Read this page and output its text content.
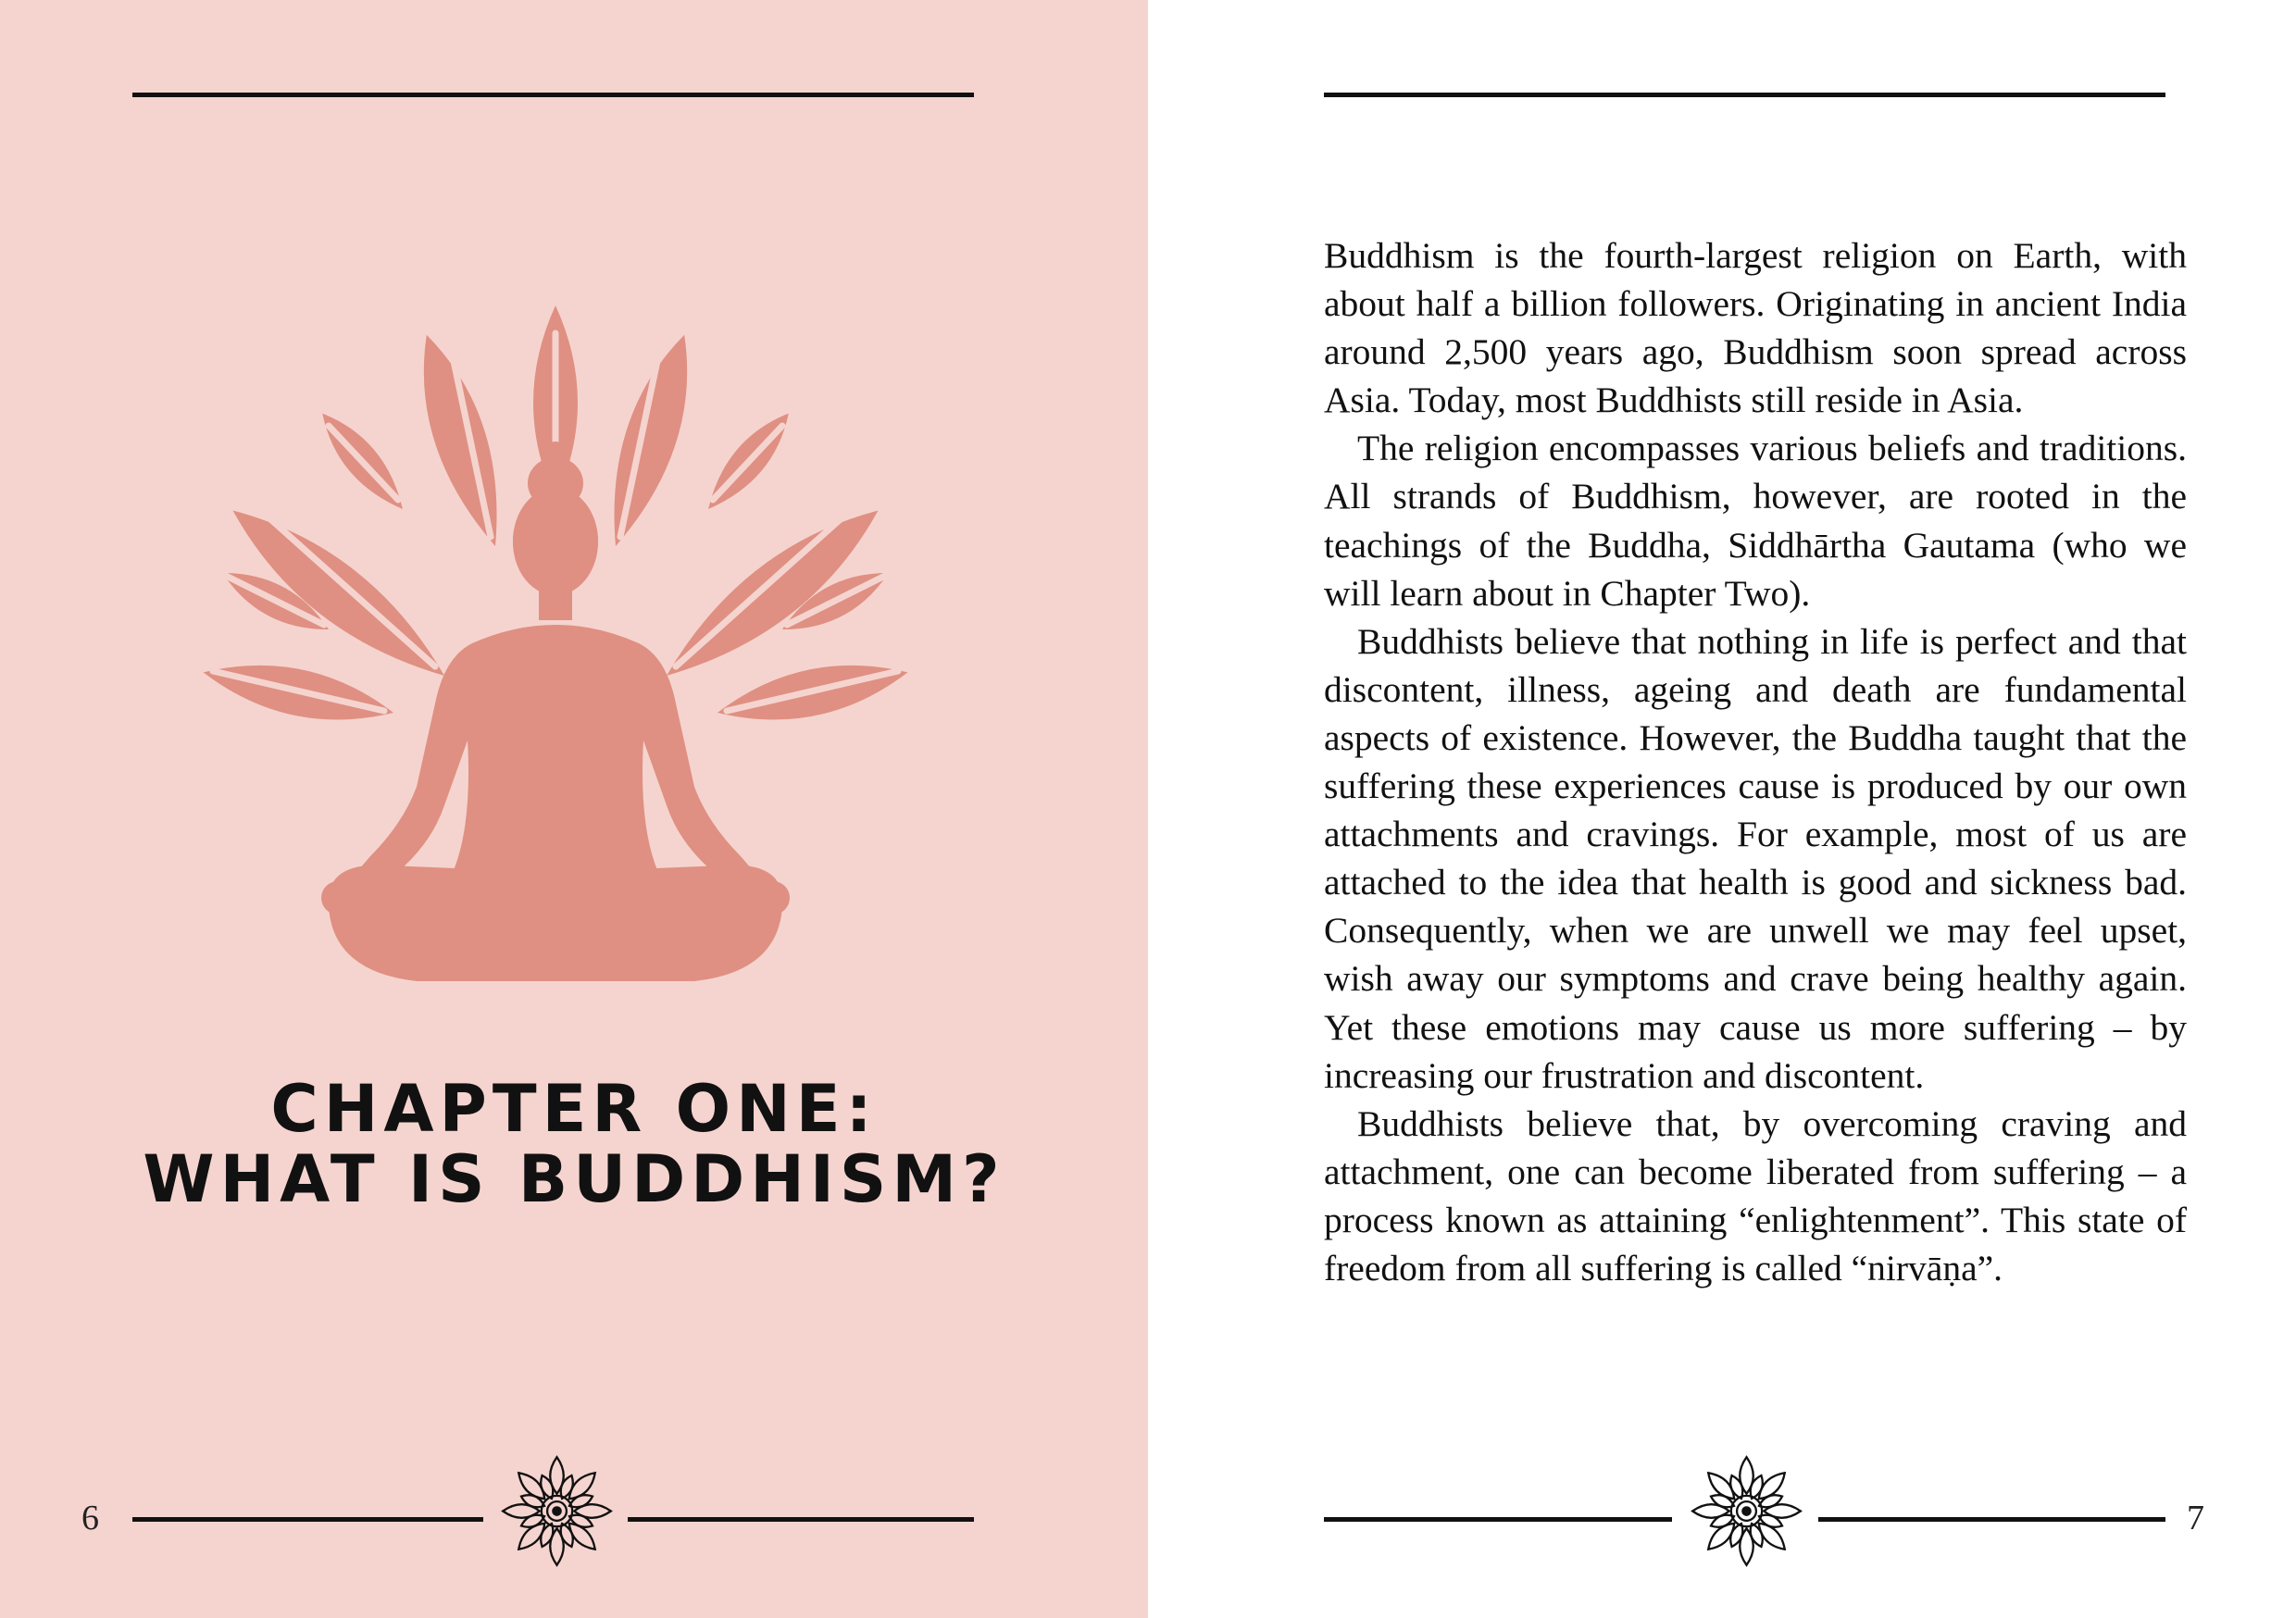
CHAPTER ONE:
WHAT IS BUDDHISM?
6

Buddhism is the fourth-largest religion on Earth, with about half a billion followers. Originating in ancient India around 2,500 years ago, Buddhism soon spread across Asia. Today, most Buddhists still reside in Asia.

The religion encompasses various beliefs and traditions. All strands of Buddhism, however, are rooted in the teachings of the Buddha, Siddhārtha Gautama (who we will learn about in Chapter Two).

Buddhists believe that nothing in life is perfect and that discontent, illness, ageing and death are fundamental aspects of existence. However, the Buddha taught that the suffering these experiences cause is produced by our own attachments and cravings. For example, most of us are attached to the idea that health is good and sickness bad. Consequently, when we are unwell we may feel upset, wish away our symptoms and crave being healthy again. Yet these emotions may cause us more suffering – by increasing our frustration and discontent.

Buddhists believe that, by overcoming craving and attachment, one can become liberated from suffering – a process known as attaining “enlightenment”. This state of freedom from all suffering is called “nirvāṇa”.

7
